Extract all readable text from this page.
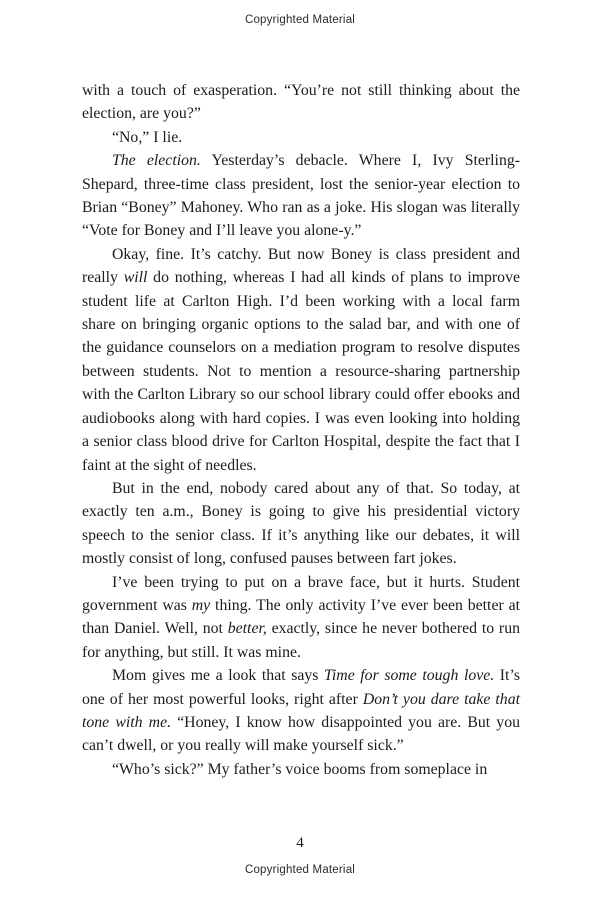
Copyrighted Material

with a touch of exasperation. “You’re not still thinking about the election, are you?”

“No,” I lie.

The election. Yesterday’s debacle. Where I, Ivy Sterling-Shepard, three-time class president, lost the senior-year election to Brian “Boney” Mahoney. Who ran as a joke. His slogan was literally “Vote for Boney and I’ll leave you alone-y.”

Okay, fine. It’s catchy. But now Boney is class president and really will do nothing, whereas I had all kinds of plans to improve student life at Carlton High. I’d been working with a local farm share on bringing organic options to the salad bar, and with one of the guidance counselors on a mediation program to resolve disputes between students. Not to mention a resource-sharing partnership with the Carlton Library so our school library could offer ebooks and audiobooks along with hard copies. I was even looking into holding a senior class blood drive for Carlton Hospital, despite the fact that I faint at the sight of needles.

But in the end, nobody cared about any of that. So today, at exactly ten a.m., Boney is going to give his presidential victory speech to the senior class. If it’s anything like our debates, it will mostly consist of long, confused pauses between fart jokes.

I’ve been trying to put on a brave face, but it hurts. Student government was my thing. The only activity I’ve ever been better at than Daniel. Well, not better, exactly, since he never bothered to run for anything, but still. It was mine.

Mom gives me a look that says Time for some tough love. It’s one of her most powerful looks, right after Don’t you dare take that tone with me. “Honey, I know how disappointed you are. But you can’t dwell, or you really will make yourself sick.”

“Who’s sick?” My father’s voice booms from someplace in

4
Copyrighted Material
